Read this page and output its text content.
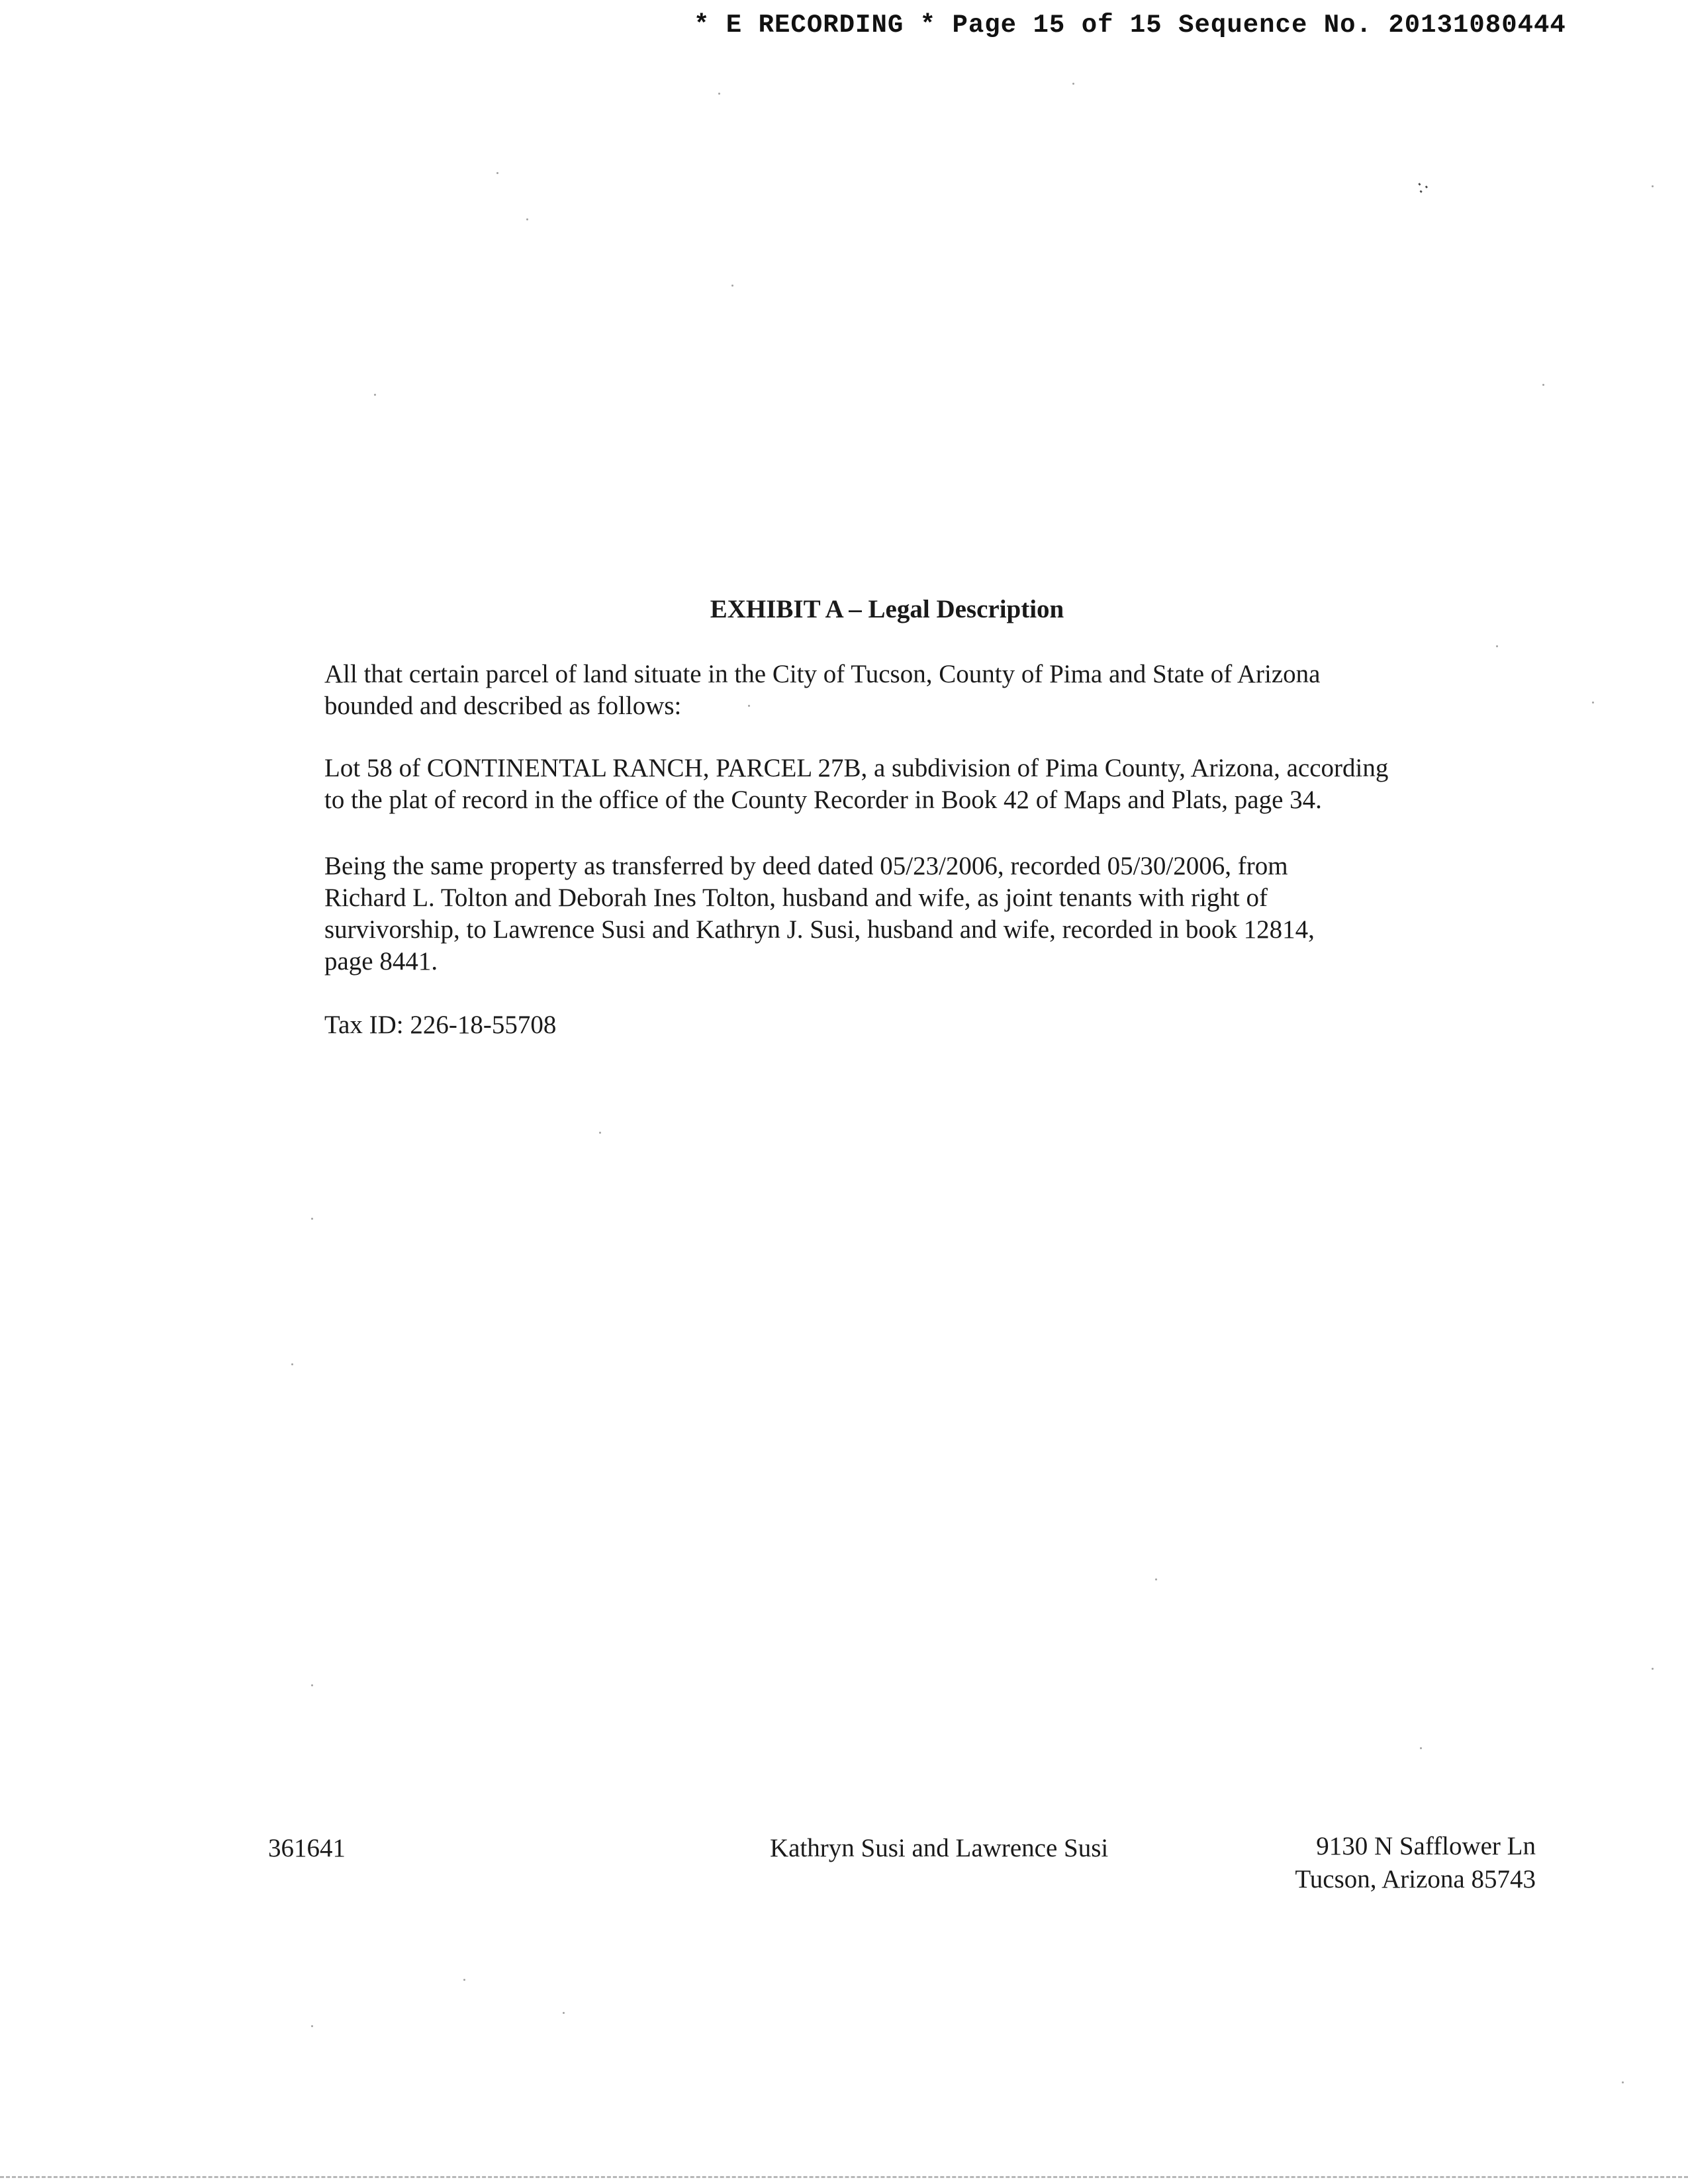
* E RECORDING * Page 15 of 15 Sequence No. 20131080444
∴
EXHIBIT A – Legal Description
All that certain parcel of land situate in the City of Tucson, County of Pima and State of Arizona
bounded and described as follows:
Lot 58 of CONTINENTAL RANCH, PARCEL 27B, a subdivision of Pima County, Arizona, according
to the plat of record in the office of the County Recorder in Book 42 of Maps and Plats, page 34.
Being the same property as transferred by deed dated 05/23/2006, recorded 05/30/2006, from
Richard L. Tolton and Deborah Ines Tolton, husband and wife, as joint tenants with right of
survivorship, to Lawrence Susi and Kathryn J. Susi, husband and wife, recorded in book 12814,
page 8441.
Tax ID: 226-18-55708
361641	Kathryn Susi and Lawrence Susi	9130 N Safflower Ln
Tucson, Arizona 85743
